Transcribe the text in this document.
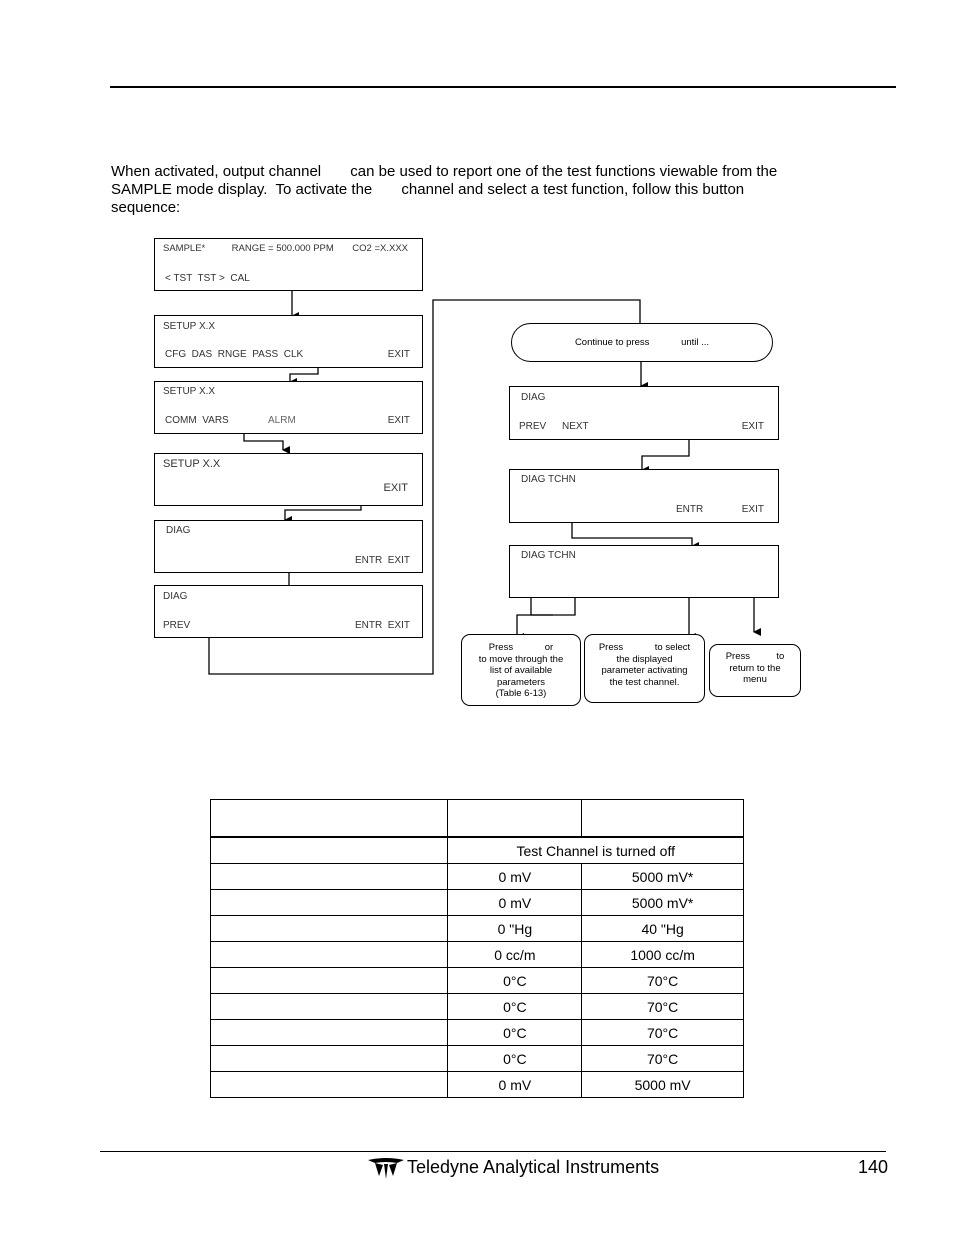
When activated, output channel       can be used to report one of the test functions viewable from the
SAMPLE mode display.  To activate the       channel and select a test function, follow this button
sequence:
SAMPLE*          RANGE = 500.000 PPM       CO2 =X.XXX
< TST  TST >  CAL
SETUP X.X
CFG  DAS  RNGE  PASS  CLK	EXIT
SETUP X.X
COMM  VARS	ALRM	EXIT
SETUP X.X
EXIT
DIAG
ENTR  EXIT
DIAG
PREV	ENTR  EXIT
Continue to press            until ...
DIAG
PREV NEXT	EXIT
DIAG TCHN
ENTR	EXIT
DIAG TCHN
Press            or
to move through the
list of available
parameters
(Table 6-13)
Press            to select
the displayed
parameter activating
the test channel.
Press          to
return to the
menu

	Test Channel is turned off	
	0 mV	5000 mV*
	0 mV	5000 mV*
	0 "Hg	40 "Hg
	0 cc/m	1000 cc/m
	0°C	70°C
	0°C	70°C
	0°C	70°C
	0°C	70°C
	0 mV	5000 mV
Teledyne Analytical Instruments	140
